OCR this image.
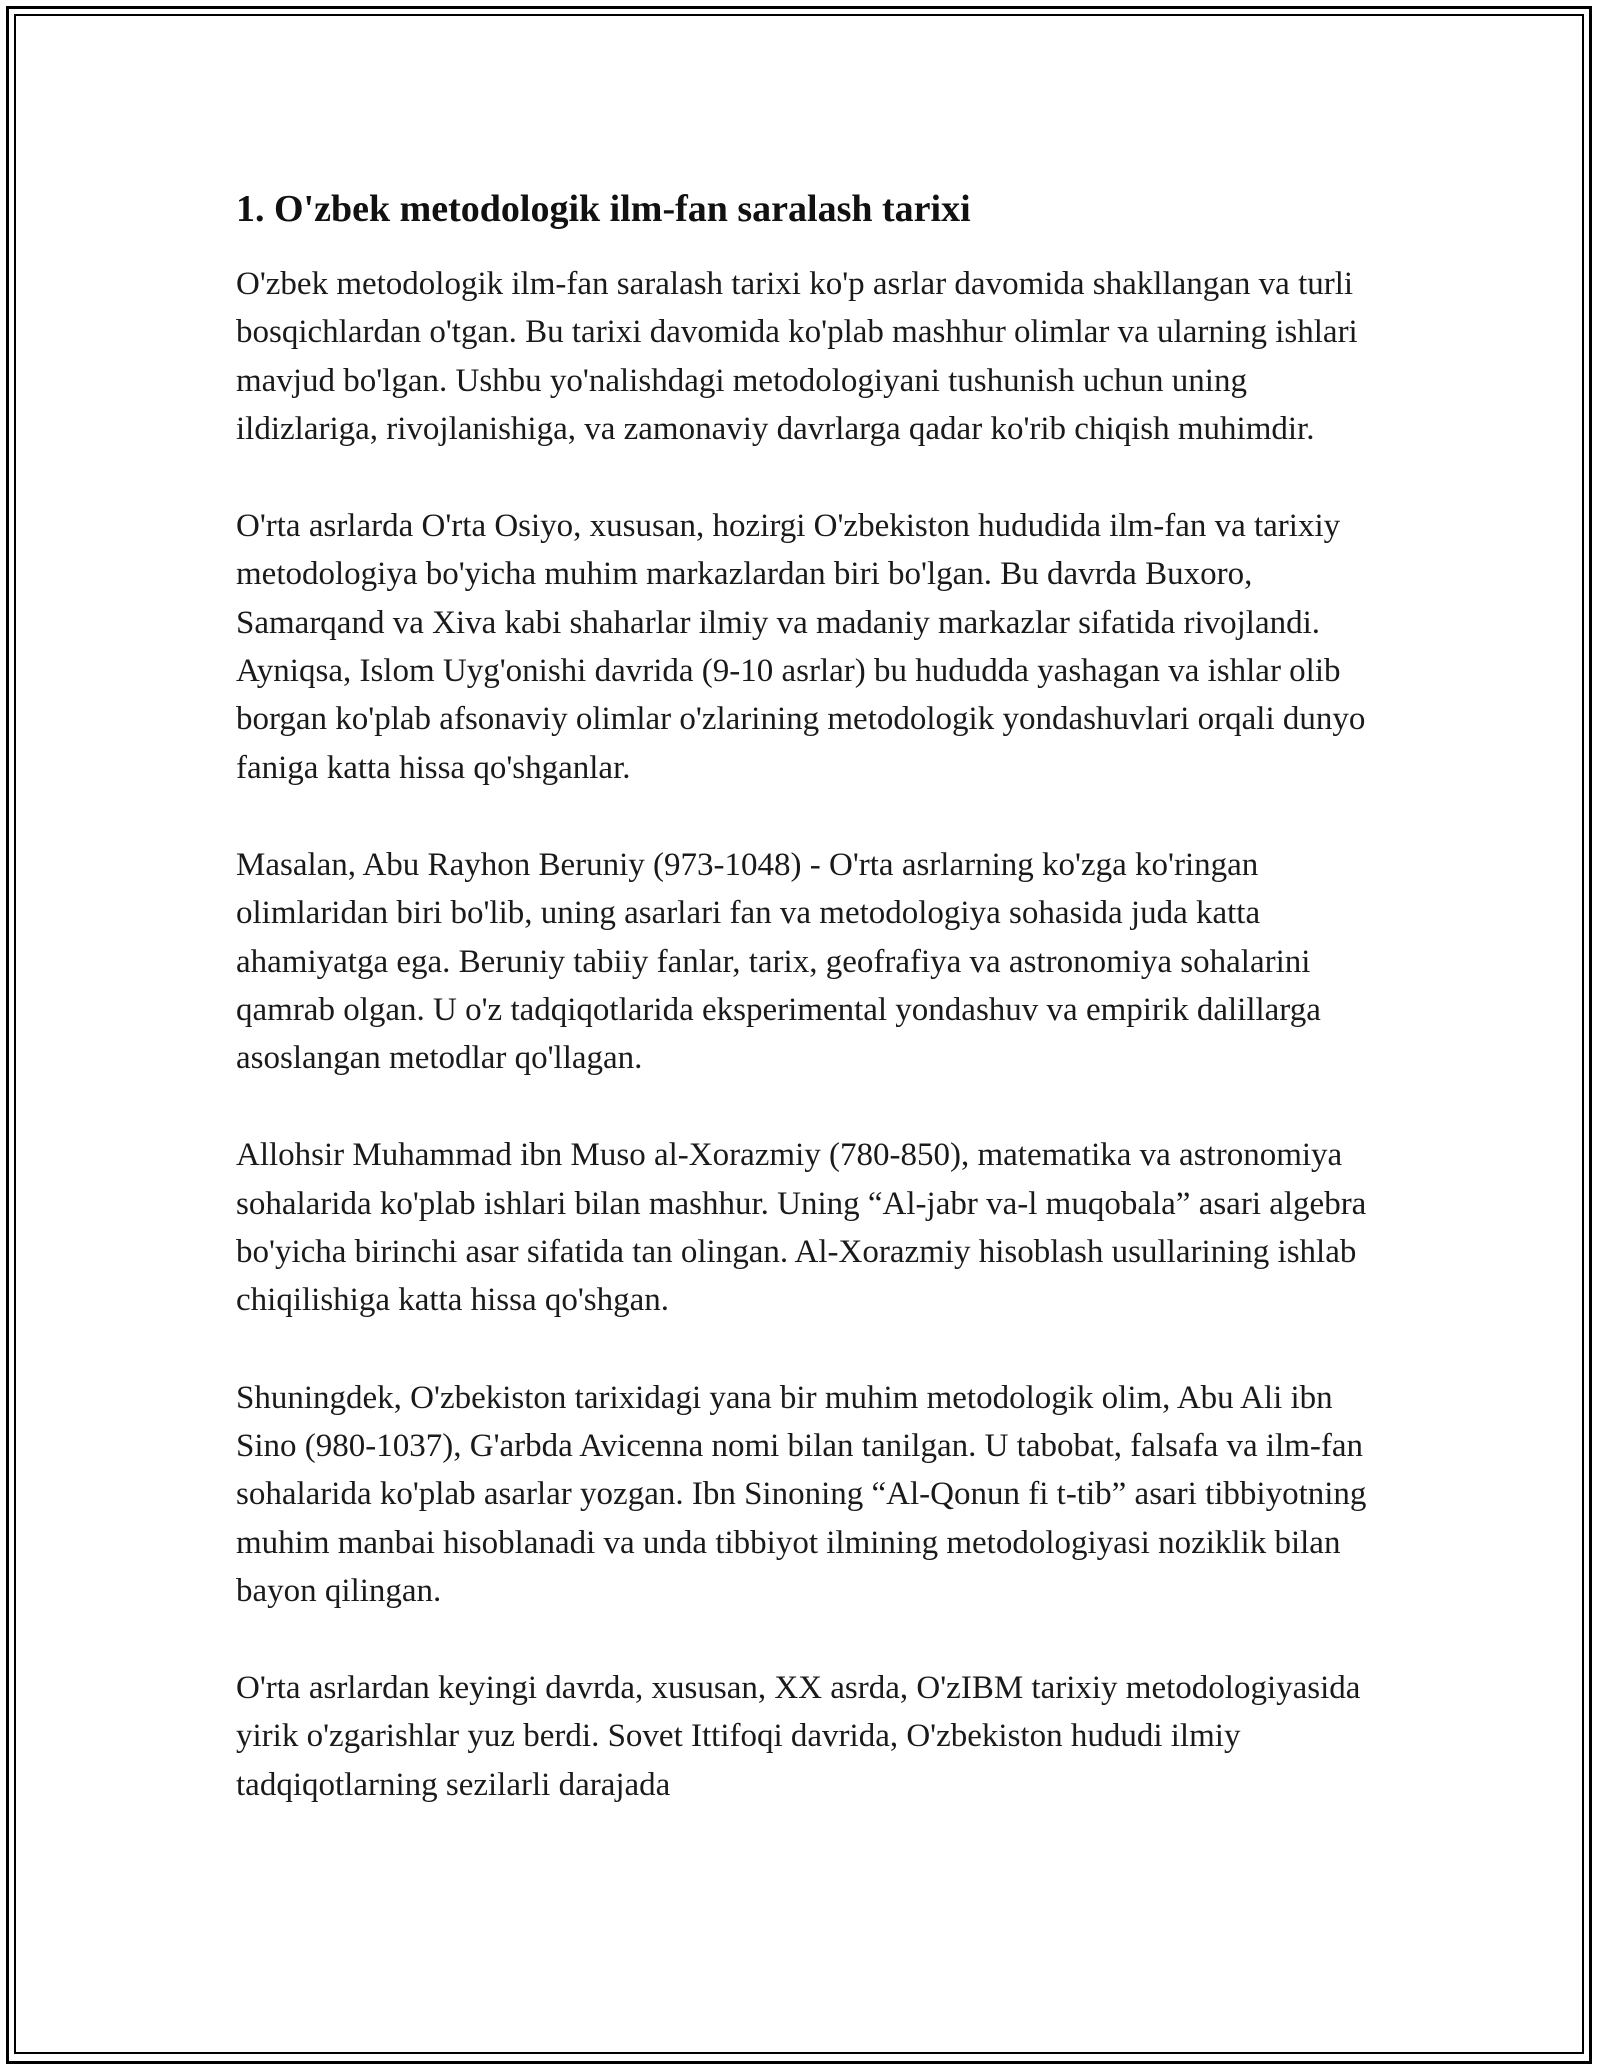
1. O'zbek metodologik ilm-fan saralash tarixi

O'zbek metodologik ilm-fan saralash tarixi ko'p asrlar davomida shakllangan va turli bosqichlardan o'tgan. Bu tarixi davomida ko'plab mashhur olimlar va ularning ishlari mavjud bo'lgan. Ushbu yo'nalishdagi metodologiyani tushunish uchun uning ildizlariga, rivojlanishiga, va zamonaviy davrlarga qadar ko'rib chiqish muhimdir.

O'rta asrlarda O'rta Osiyo, xususan, hozirgi O'zbekiston hududida ilm-fan va tarixiy metodologiya bo'yicha muhim markazlardan biri bo'lgan. Bu davrda Buxoro, Samarqand va Xiva kabi shaharlar ilmiy va madaniy markazlar sifatida rivojlandi. Ayniqsa, Islom Uyg'onishi davrida (9-10 asrlar) bu hududda yashagan va ishlar olib borgan ko'plab afsonaviy olimlar o'zlarining metodologik yondashuvlari orqali dunyo faniga katta hissa qo'shganlar.

Masalan, Abu Rayhon Beruniy (973-1048) - O'rta asrlarning ko'zga ko'ringan olimlaridan biri bo'lib, uning asarlari fan va metodologiya sohasida juda katta ahamiyatga ega. Beruniy tabiiy fanlar, tarix, geofrafiya va astronomiya sohalarini qamrab olgan. U o'z tadqiqotlarida eksperimental yondashuv va empirik dalillarga asoslangan metodlar qo'llagan.

Allohsir Muhammad ibn Muso al-Xorazmiy (780-850), matematika va astronomiya sohalarida ko'plab ishlari bilan mashhur. Uning “Al-jabr va-l muqobala” asari algebra bo'yicha birinchi asar sifatida tan olingan. Al-Xorazmiy hisoblash usullarining ishlab chiqilishiga katta hissa qo'shgan.

Shuningdek, O'zbekiston tarixidagi yana bir muhim metodologik olim, Abu Ali ibn Sino (980-1037), G'arbda Avicenna nomi bilan tanilgan. U tabobat, falsafa va ilm-fan sohalarida ko'plab asarlar yozgan. Ibn Sinoning “Al-Qonun fi t-tib” asari tibbiyotning muhim manbai hisoblanadi va unda tibbiyot ilmining metodologiyasi noziklik bilan bayon qilingan.

O'rta asrlardan keyingi davrda, xususan, XX asrda, O'zIBM tarixiy metodologiyasida yirik o'zgarishlar yuz berdi. Sovet Ittifoqi davrida, O'zbekiston hududi ilmiy tadqiqotlarning sezilarli darajada
